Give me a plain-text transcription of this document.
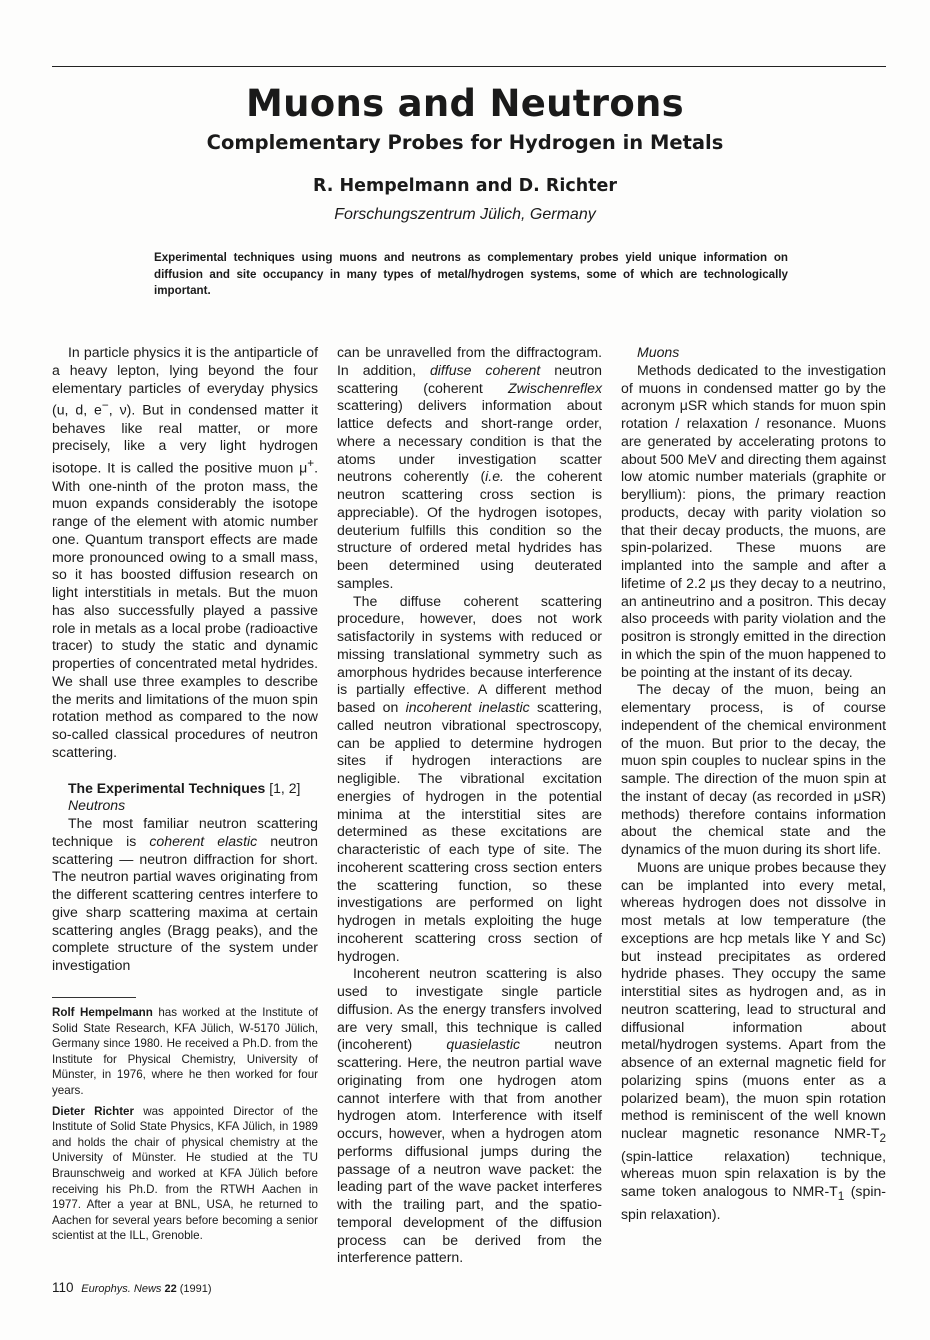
Muons and Neutrons
Complementary Probes for Hydrogen in Metals
R. Hempelmann and D. Richter
Forschungszentrum Jülich, Germany
Experimental techniques using muons and neutrons as complementary probes yield unique information on diffusion and site occupancy in many types of metal/hydrogen systems, some of which are technologically important.

In particle physics it is the antiparticle of a heavy lepton, lying beyond the four elementary particles of everyday physics (u, d, e−, ν). But in condensed matter it behaves like real matter, or more precisely, like a very light hydrogen isotope. It is called the positive muon μ+. With one-ninth of the proton mass, the muon expands considerably the isotope range of the element with atomic number one. Quantum transport effects are made more pronounced owing to a small mass, so it has boosted diffusion research on light interstitials in metals. But the muon has also successfully played a passive role in metals as a local probe (radioactive tracer) to study the static and dynamic properties of concentrated metal hydrides. We shall use three examples to describe the merits and limitations of the muon spin rotation method as compared to the now so-called classical procedures of neutron scattering.

The Experimental Techniques [1, 2]

Neutrons

The most familiar neutron scattering technique is coherent elastic neutron scattering — neutron diffraction for short. The neutron partial waves originating from the different scattering centres interfere to give sharp scattering maxima at certain scattering angles (Bragg peaks), and the complete structure of the system under investigation

Rolf Hempelmann has worked at the Institute of Solid State Research, KFA Jülich, W-5170 Jülich, Germany since 1980. He received a Ph.D. from the Institute for Physical Chemistry, University of Münster, in 1976, where he then worked for four years.

Dieter Richter was appointed Director of the Institute of Solid State Physics, KFA Jülich, in 1989 and holds the chair of physical chemistry at the University of Münster. He studied at the TU Braunschweig and worked at KFA Jülich before receiving his Ph.D. from the RTWH Aachen in 1977. After a year at BNL, USA, he returned to Aachen for several years before becoming a senior scientist at the ILL, Grenoble.

can be unravelled from the diffractogram. In addition, diffuse coherent neutron scattering (coherent Zwischenreflex scattering) delivers information about lattice defects and short-range order, where a necessary condition is that the atoms under investigation scatter neutrons coherently (i.e. the coherent neutron scattering cross section is appreciable). Of the hydrogen isotopes, deuterium fulfills this condition so the structure of ordered metal hydrides has been determined using deuterated samples.

The diffuse coherent scattering procedure, however, does not work satisfactorily in systems with reduced or missing translational symmetry such as amorphous hydrides because interference is partially effective. A different method based on incoherent inelastic scattering, called neutron vibrational spectroscopy, can be applied to determine hydrogen sites if hydrogen interactions are negligible. The vibrational excitation energies of hydrogen in the potential minima at the interstitial sites are determined as these excitations are characteristic of each type of site. The incoherent scattering cross section enters the scattering function, so these investigations are performed on light hydrogen in metals exploiting the huge incoherent scattering cross section of hydrogen.

Incoherent neutron scattering is also used to investigate single particle diffusion. As the energy transfers involved are very small, this technique is called (incoherent) quasielastic neutron scattering. Here, the neutron partial wave originating from one hydrogen atom cannot interfere with that from another hydrogen atom. Interference with itself occurs, however, when a hydrogen atom performs diffusional jumps during the passage of a neutron wave packet: the leading part of the wave packet interferes with the trailing part, and the spatio-temporal development of the diffusion process can be derived from the interference pattern.

Muons

Methods dedicated to the investigation of muons in condensed matter go by the acronym μSR which stands for muon spin rotation / relaxation / resonance. Muons are generated by accelerating protons to about 500 MeV and directing them against low atomic number materials (graphite or beryllium): pions, the primary reaction products, decay with parity violation so that their decay products, the muons, are spin-polarized. These muons are implanted into the sample and after a lifetime of 2.2 μs they decay to a neutrino, an antineutrino and a positron. This decay also proceeds with parity violation and the positron is strongly emitted in the direction in which the spin of the muon happened to be pointing at the instant of its decay.

The decay of the muon, being an elementary process, is of course independent of the chemical environment of the muon. But prior to the decay, the muon spin couples to nuclear spins in the sample. The direction of the muon spin at the instant of decay (as recorded in μSR) methods) therefore contains information about the chemical state and the dynamics of the muon during its short life.

Muons are unique probes because they can be implanted into every metal, whereas hydrogen does not dissolve in most metals at low temperature (the exceptions are hcp metals like Y and Sc) but instead precipitates as ordered hydride phases. They occupy the same interstitial sites as hydrogen and, as in neutron scattering, lead to structural and diffusional information about metal/hydrogen systems. Apart from the absence of an external magnetic field for polarizing spins (muons enter as a polarized beam), the muon spin rotation method is reminiscent of the well known nuclear magnetic resonance NMR-$T_2$ (spin-lattice relaxation) technique, whereas muon spin relaxation is by the same token analogous to NMR-$T_1$ (spin-spin relaxation).

110 Europhys. News 22 (1991)
